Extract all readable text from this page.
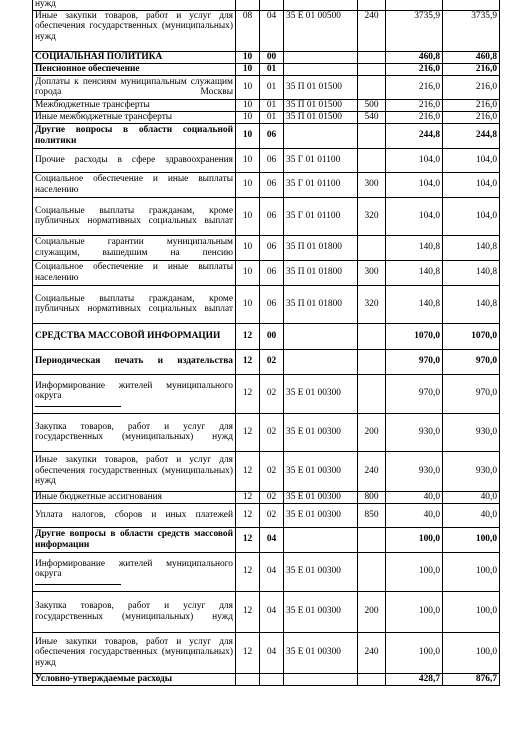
нужд						
Иные закупки товаров, работ и услуг для обеспечения государственных (муниципальных) нужд	08	04	35 Е 01 00500	240	3735,9	3735,9
СОЦИАЛЬНАЯ ПОЛИТИКА	10	00			460,8	460,8
Пенсионное обеспечение	10	01			216,0	216,0
Доплаты к пенсиям муниципальным служащим города Москвы	10	01	35 П 01 01500		216,0	216,0
Межбюджетные трансферты	10	01	35 П 01 01500	500	216,0	216,0
Иные межбюджетные трансферты	10	01	35 П 01 01500	540	216,0	216,0
Другие вопросы в области социальной политики	10	06			244,8	244,8
Прочие расходы в сфере здравоохранения	10	06	35 Г 01 01100		104,0	104,0
Социальное обеспечение и иные выплаты населению	10	06	35 Г 01 01100	300	104,0	104,0
Социальные выплаты гражданам, кроме публичных нормативных социальных выплат	10	06	35 Г 01 01100	320	104,0	104,0
Социальные гарантии муниципальным служащим, вышедшим на пенсию	10	06	35 П 01 01800		140,8	140,8
Социальное обеспечение и иные выплаты населению	10	06	35 П 01 01800	300	140,8	140,8
Социальные выплаты гражданам, кроме публичных нормативных социальных выплат	10	06	35 П 01 01800	320	140,8	140,8
СРЕДСТВА МАССОВОЙ ИНФОРМАЦИИ	12	00			1070,0	1070,0
Периодическая печать и издательства	12	02			970,0	970,0
Информирование жителей муниципального округа	12	02	35 Е 01 00300		970,0	970,0
Закупка товаров, работ и услуг для государственных (муниципальных) нужд	12	02	35 Е 01 00300	200	930,0	930,0
Иные закупки товаров, работ и услуг для обеспечения государственных (муниципальных) нужд	12	02	35 Е 01 00300	240	930,0	930,0
Иные бюджетные ассигнования	12	02	35 Е 01 00300	800	40,0	40,0
Уплата налогов, сборов и иных платежей	12	02	35 Е 01 00300	850	40,0	40,0
Другие вопросы в области средств массовой информации	12	04			100,0	100,0
Информирование жителей муниципального округа	12	04	35 Е 01 00300		100,0	100,0
Закупка товаров, работ и услуг для государственных (муниципальных) нужд	12	04	35 Е 01 00300	200	100,0	100,0
Иные закупки товаров, работ и услуг для обеспечения государственных (муниципальных) нужд	12	04	35 Е 01 00300	240	100,0	100,0
Условно-утверждаемые расходы					428,7	876,7
